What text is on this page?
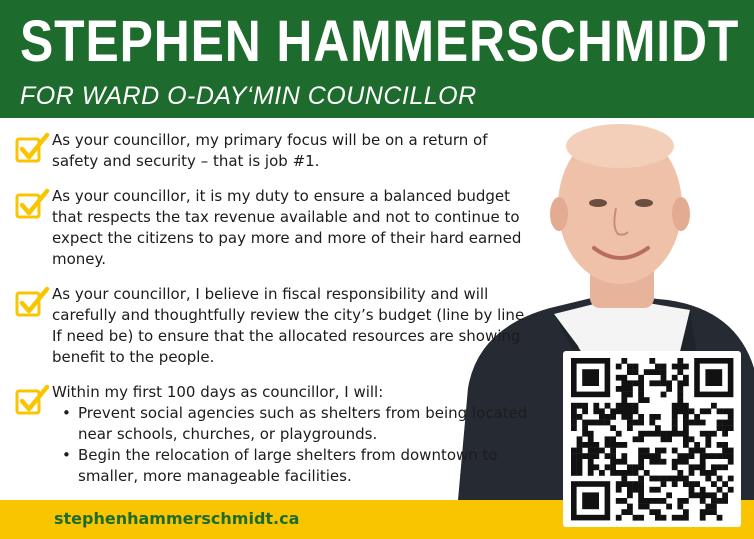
STEPHEN HAMMERSCHMIDT
FOR WARD O-DAY‘MIN COUNCILLOR

As your councillor, my primary focus will be on a return of safety and security – that is job #1.

As your councillor, it is my duty to ensure a balanced budget that respects the tax revenue available and not to continue to expect the citizens to pay more and more of their hard earned money.

As your councillor, I believe in fiscal responsibility and will carefully and thoughtfully review the city’s budget (line by line If need be) to ensure that the allocated resources are showing benefit to the people.

Within my first 100 days as councillor, I will:

• Prevent social agencies such as shelters from being located near schools, churches, or playgrounds.
• Begin the relocation of large shelters from downtown to smaller, more manageable facilities.
stephenhammerschmidt.ca
